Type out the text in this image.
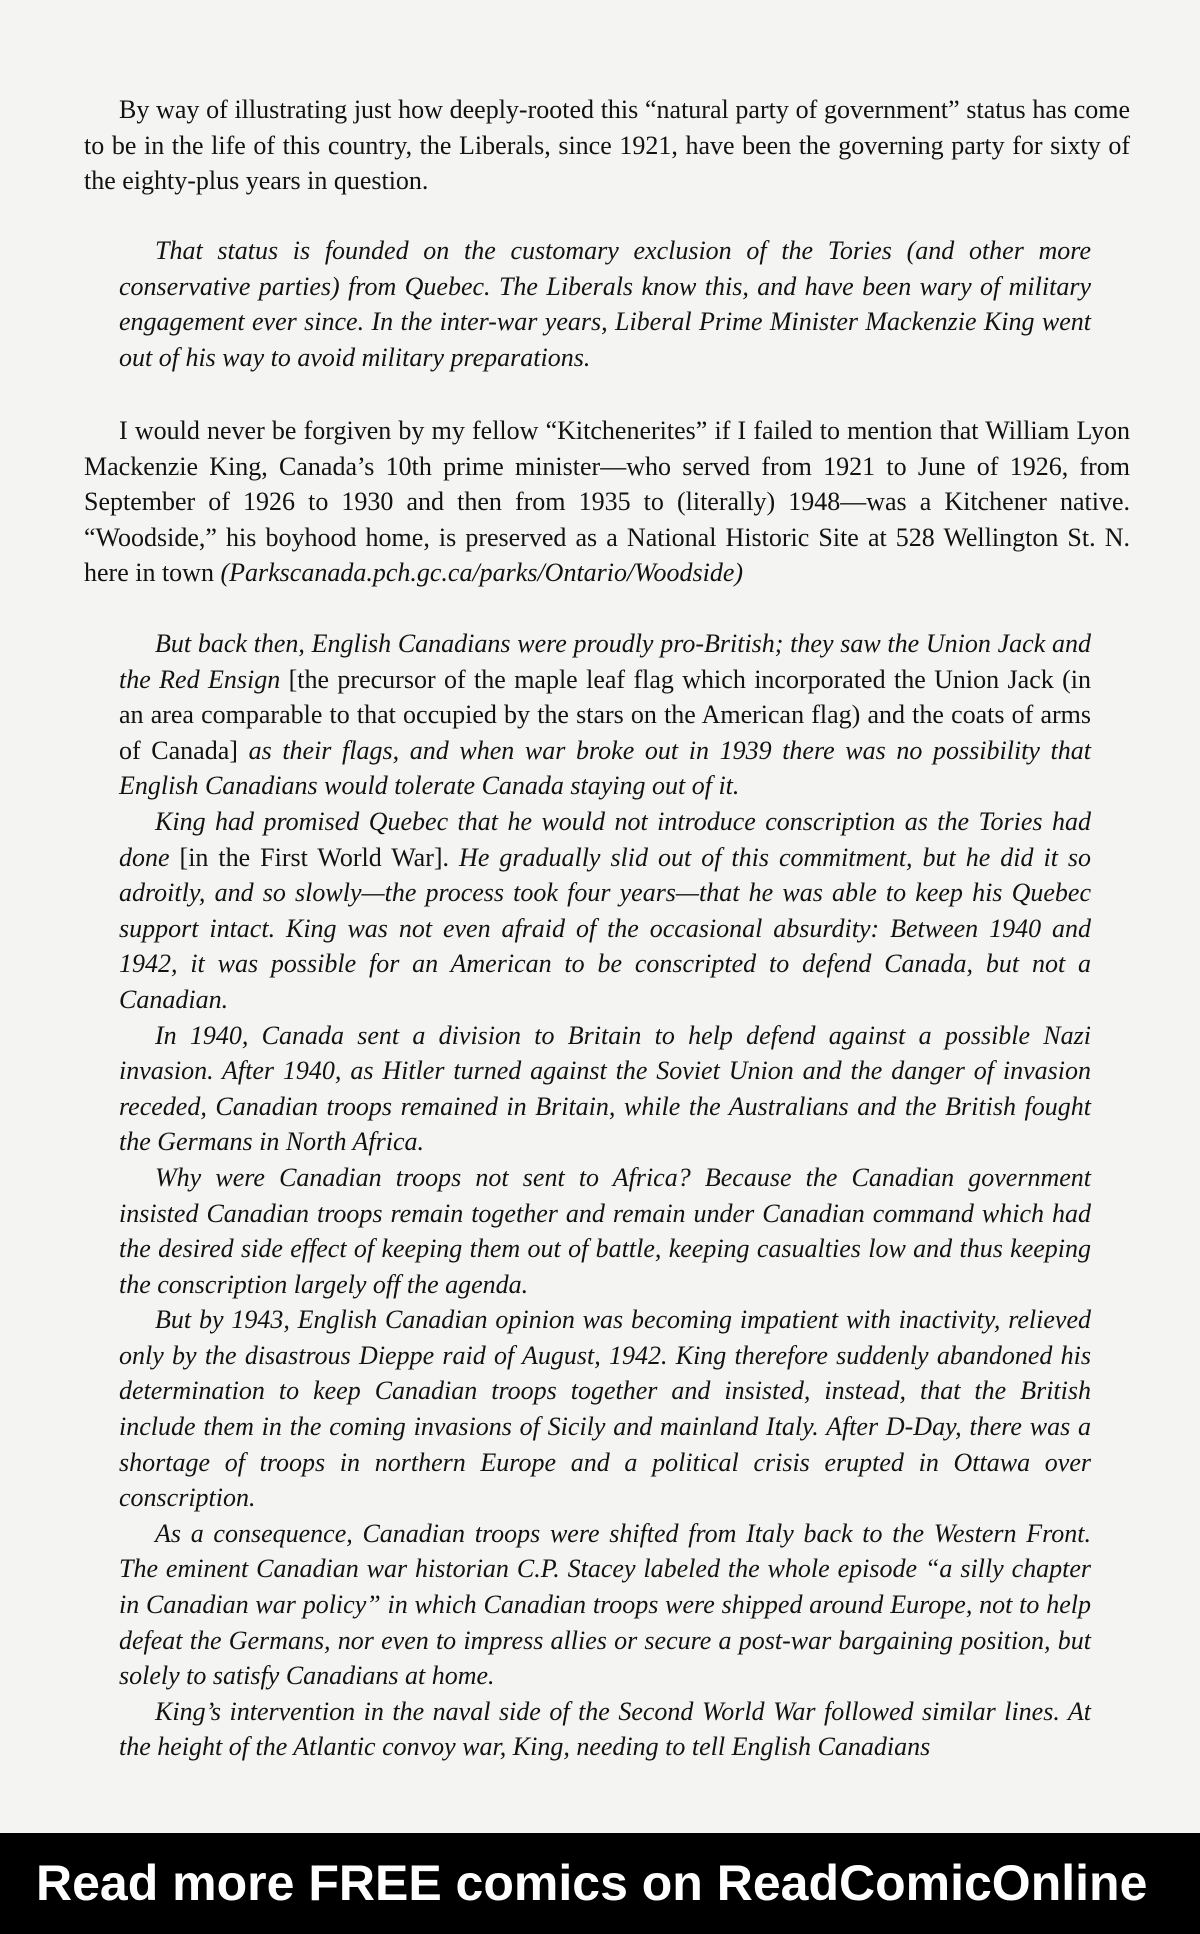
By way of illustrating just how deeply-rooted this “natural party of government” status has come to be in the life of this country, the Liberals, since 1921, have been the governing party for sixty of the eighty-plus years in question.

That status is founded on the customary exclusion of the Tories (and other more conservative parties) from Quebec. The Liberals know this, and have been wary of military engagement ever since. In the inter-war years, Liberal Prime Minister Mackenzie King went out of his way to avoid military preparations.

I would never be forgiven by my fellow “Kitchenerites” if I failed to mention that William Lyon Mackenzie King, Canada’s 10th prime minister—who served from 1921 to June of 1926, from September of 1926 to 1930 and then from 1935 to (literally) 1948—was a Kitchener native. “Woodside,” his boyhood home, is preserved as a National Historic Site at 528 Wellington St. N. here in town (Parkscanada.pch.gc.ca/parks/Ontario/Woodside)

But back then, English Canadians were proudly pro-British; they saw the Union Jack and the Red Ensign [the precursor of the maple leaf flag which incorporated the Union Jack (in an area comparable to that occupied by the stars on the American flag) and the coats of arms of Canada] as their flags, and when war broke out in 1939 there was no possibility that English Canadians would tolerate Canada staying out of it.

King had promised Quebec that he would not introduce conscription as the Tories had done [in the First World War]. He gradually slid out of this commitment, but he did it so adroitly, and so slowly—the process took four years—that he was able to keep his Quebec support intact. King was not even afraid of the occasional absurdity: Between 1940 and 1942, it was possible for an American to be conscripted to defend Canada, but not a Canadian.

In 1940, Canada sent a division to Britain to help defend against a possible Nazi invasion. After 1940, as Hitler turned against the Soviet Union and the danger of invasion receded, Canadian troops remained in Britain, while the Australians and the British fought the Germans in North Africa.

Why were Canadian troops not sent to Africa? Because the Canadian government insisted Canadian troops remain together and remain under Canadian command which had the desired side effect of keeping them out of battle, keeping casualties low and thus keeping the conscription largely off the agenda.

But by 1943, English Canadian opinion was becoming impatient with inactivity, relieved only by the disastrous Dieppe raid of August, 1942. King therefore suddenly abandoned his determination to keep Canadian troops together and insisted, instead, that the British include them in the coming invasions of Sicily and mainland Italy. After D-Day, there was a shortage of troops in northern Europe and a political crisis erupted in Ottawa over conscription.

As a consequence, Canadian troops were shifted from Italy back to the Western Front. The eminent Canadian war historian C.P. Stacey labeled the whole episode “a silly chapter in Canadian war policy” in which Canadian troops were shipped around Europe, not to help defeat the Germans, nor even to impress allies or secure a post-war bargaining position, but solely to satisfy Canadians at home.

King’s intervention in the naval side of the Second World War followed similar lines. At the height of the Atlantic convoy war, King, needing to tell English Canadians

Read more FREE comics on ReadComicOnline
